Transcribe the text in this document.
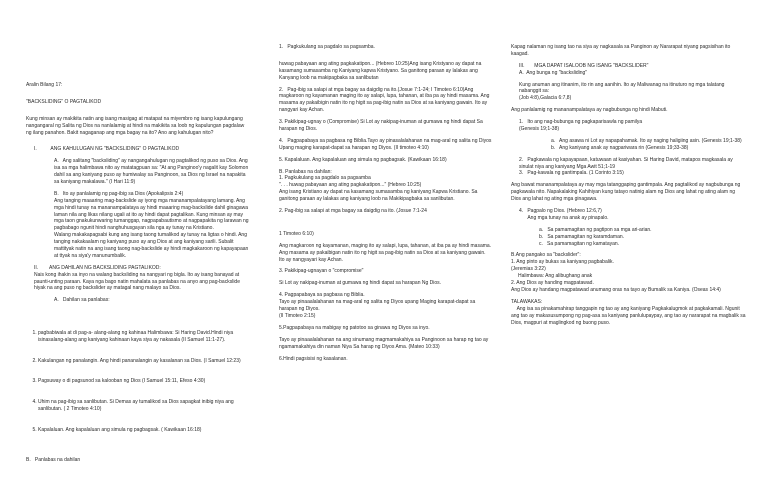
Aralin Bilang 17:
"BACKSLIDING" O PAGTALIKOD
Kung minsan ay makikita natin ang isang masigag at matapat na miyembro ng isang kapulungang nangangaral ng Salita ng Dios na nanlalamig at hindi na makikita sa loob ng kapulungan pagdalaw ng ilang panahon. Bakit nagaganap ang mga bagay na ito? Ano ang kahulugan nito?
I.          ANG KAHULUGAN NG "BACKSLIDING" O PAGTALIKOD
A.   Ang salitang "backsliding" ay nangangahulugan ng pagtalikod ng puso sa Dios. Ang isa sa mga halimbawa nito ay matatagpuan sa: "At ang Panginoo'y nagalit kay Solomon dahil sa ang kaniyang puso ay humiwalay sa Panginoon, sa Dios ng Israel na napakita sa kaniyang makalawa." (I Hari 11:9)
B.   Ito ay panlalamig ng pag-ibig sa Dios (Apokalipsis 2:4)
Ang tanging maaaring mag-backslide ay iyong mga mananampalatayang lamang. Ang mga hindi tunay na mananampalataya ay hindi maaaring mag-backslide dahil ginagawa laman nila ang likas nilang ugali at ito ay hindi dapat pagtalikan. Kung minsan ay may mga taon gnakukunwaring tumanggap, nagpapabautismo at nagpapakita ng larawan ng pagbabago ngunit hindi nanghuhusgayan sila nga ay tunay na Kristiano.
Walang makakapagsabi kung ang isang taong tumalikod ay tunay na ligtas o hindi. Ang tanging nakakaalam ng kaniyang puso ay ang Dios at ang kaniyang sarili. Subalit mattityak natin na ang isang taong nag-backslide ay hindi magkakaroon ng kapayapaan at ttyak na siya'y manunumbalik.
II.        ANG DAHILAN NG BACKSLIDING PAGTALIKOD:
Nais kong ihakin sa inyo na walang backsliding na nangyari ng bigla. Ito ay isang banayad at paunti-unting paraan. Kaya nga bago natin mahalata sa panlabas na anyo ang pag-backslide hiyak na ang puso ng backslider ay matagal nang malayo sa Dios.
A.   Dahilan sa panlabas:

1. pagbabiwala at di pag-a- alang-alang ng kahinaa Halimbawa: Si Haring David.Hindi niya isinasalang-alang ang kaniyang kahinaan kaya siya ay nakasala (II Samuel 11:1-27).

2. Kakulangan ng panalangin. Ang hindi pananalangin ay kasalanan sa Dios. (I Samuel 12:23)

3. Pagsuway o di pagsunod sa kalooban ng Dios (I Samuel 15:11, Efeso 4:30)

4. Uhim na pag-ibig sa sanlibutan. Si Demas ay tumalikod sa Dios sapagkat inibig niya ang sanlibutan. ( 2 Timoteo 4:10)

5. Kapalaluan. Ang kapalaluan ang simula ng pagbagsak. ( Kawikaan 16:18)

B.   Panlabas na dahilan
1.   Pagkukulang sa pagdalo sa pagsamba.
huwag pabayaan ang ating pagkakatipon... (Hebreo 10:25)Ang isang Kristyano ay dapat na kasamang sumasamba ng Kaniyang kapwa Kristyano. Sa ganitong paraan ay lalakas ang Kanyang loob na makipagbaka sa sanlibutan
2.   Pag-ibig sa salapi at mga bagay sa daigdig na ito.(Josue 7:1-24; I Timoteo 6:10)Ang magkaroon ng kayamanan maging ito ay salapi, lupa, tahanan, at iba pa ay hindi masama. Ang masama ay pakaibigin natin ito ng higit sa pag-ibig natin sa Dios at sa kaniyang gawain. Ito ay nangyari kay Achan.
3. Pakikipag-ugnay o (Compromise) Si Lot ay nakipag-inuman at gumawa ng hindi dapat Sa harapan ng Dios.
4.   Pagpapabaya sa pagbasa ng Biblia.Tayo ay pinasalalahanan na mag-aral ng salita ng Diyos Upang maging karapat-dapat sa harapan ng Diyos. (II timoteo 4:10)
5. Kapalaluan. Ang kapalaluan ang simula ng pagbagsak. (Kawikaan 16:18)
B. Panlabas na dahilan:
1. Pagkukulang sa pagdalo sa pagsamba
". . . huwag pabayaan ang ating pagkakatipon..." (Hebreo 10:25)
Ang isang Kristiano ay dapat na kasamang sumasamba ng kaniyang Kapwa Kristiano. Sa ganitong paraan ay lalakas ang kaniyang loob na Makikipagbaka sa sanlibutan.
2. Pag-ibig sa salapi at mga bagay sa daigdig na ito. (Josue 7:1-24
1 Timoteo 6:10)
Ang magkaroon ng kayamanan, maging ito ay salapi, lupa, tahanan, at iba pa ay hindi masama. Ang masama ay pakaibigan natin ito ng higit sa pag-ibig natin sa Dios at sa kaniyang gawain. Ito ay nangyayari kay Achan.
3. Pakikipag-ugnayan o "compromise"
Si Lot ay nakipag-inuman at gumawa ng hindi dapat sa harapan Ng Dios.
4. Pagpapabaya sa pagbasa ng Biblia.
Tayo ay pinaaalalahanan na mag-aral ng salita ng Diyos upang Maging karapat-dapat sa harapan ng Diyos.
(II Timoteo 2:15)
5.Pagpapabaya na mabigay ng patotoo sa ginawa ng Diyos sa inyo.
Tayo ay pinaaalalahanan na ang sinumang magmamakahiya sa Panginoon sa harap ng tao ay ngamamakahiya din naman Niya Sa harap ng Diyos Ama. (Mateo 10:33)
6.Hindi pagsisisi ng kasalanan.
Kapag nalaman ng isang tao na siya ay nagkasala sa Panginon ay Nararapat niyang pagsisihan ito kaagad.
III.       MGA DAPAT ISALOOB NG ISANG "BACKSLIDER"
A.  Ang bunga ng "backsliding"
Kung anuman ang itinanim, ito rin ang aanihin. Ito ay Maliwanag na itinuturo ng mga talatang nabanggit sa:
(Job 4:8),Galacia 6:7,8)
Ang panlalamig ng mananampalataya ay nagbubunga ng hindi Mabuti.
1.   Ito ang nag-bubunga ng pagkaparisawla ng pamilya
(Genesis 19;1-38)
a.   Ang asawa ni Lot ay napapahamak. Ito ay naging haligiing asin. (Genesis 19;1-38)
b.   Ang kaniyang anak ay nagpariwara rin (Genesis 19;33-38)
2.   Pagkawala ng kapayapaan, katuwaan at kasiyahan. Si Haring David, matapos magkasala ay sinulat niya ang kaniyang Mga Awit 51;1-19
3.   Pag-kawala ng gantimpala. (1 Corinto 3:15)
Ang bawat mananampalataya ay may mga tatanggaping gantimpala. Ang pagtalikod ay nagbubunga ng pagkawala nito. Napakalaking Kahihiyan kung tatayo natinig alam ng Dios ang lahat ng ating alam ng Dios ang lahat ng ating mga ginagawa.
4.   Pagpalo ng Dios. (Hebreo 12:6,7)
Ang mga tunay na anak ay pinapalo.
a.   Sa pamamagitan ng pagtipon sa mga ari-arian.
b.   Sa pamamagitan ng karamdaman.
c.   Sa pamamagitan ng kamatayan.
B.Ang pangako sa "backslider":
1. Ang pinto ay bukas sa kaniyang pagbabalik.
(Jeremias 3:22)
Halimbawa: Ang alibughang anak
2. Ang Dios ay handing magpatawad.
Ang Dios ay handang magpatawad anumang oras na tayo ay Bumalik sa Kaniya. (Oseas 14:4)
TALAWAKAS:
Ang isa sa pinakamahirap tanggapin ng tao ay ang kaniyang Pagkakalugmok at pagkakamali. Ngunit ang tao ay makasusumpong ng pag-asa sa kaniyang panlulupaypay, ang tao ay nararapat na magbalik sa Dios, magpuri at maglingkod ng buong puso.
